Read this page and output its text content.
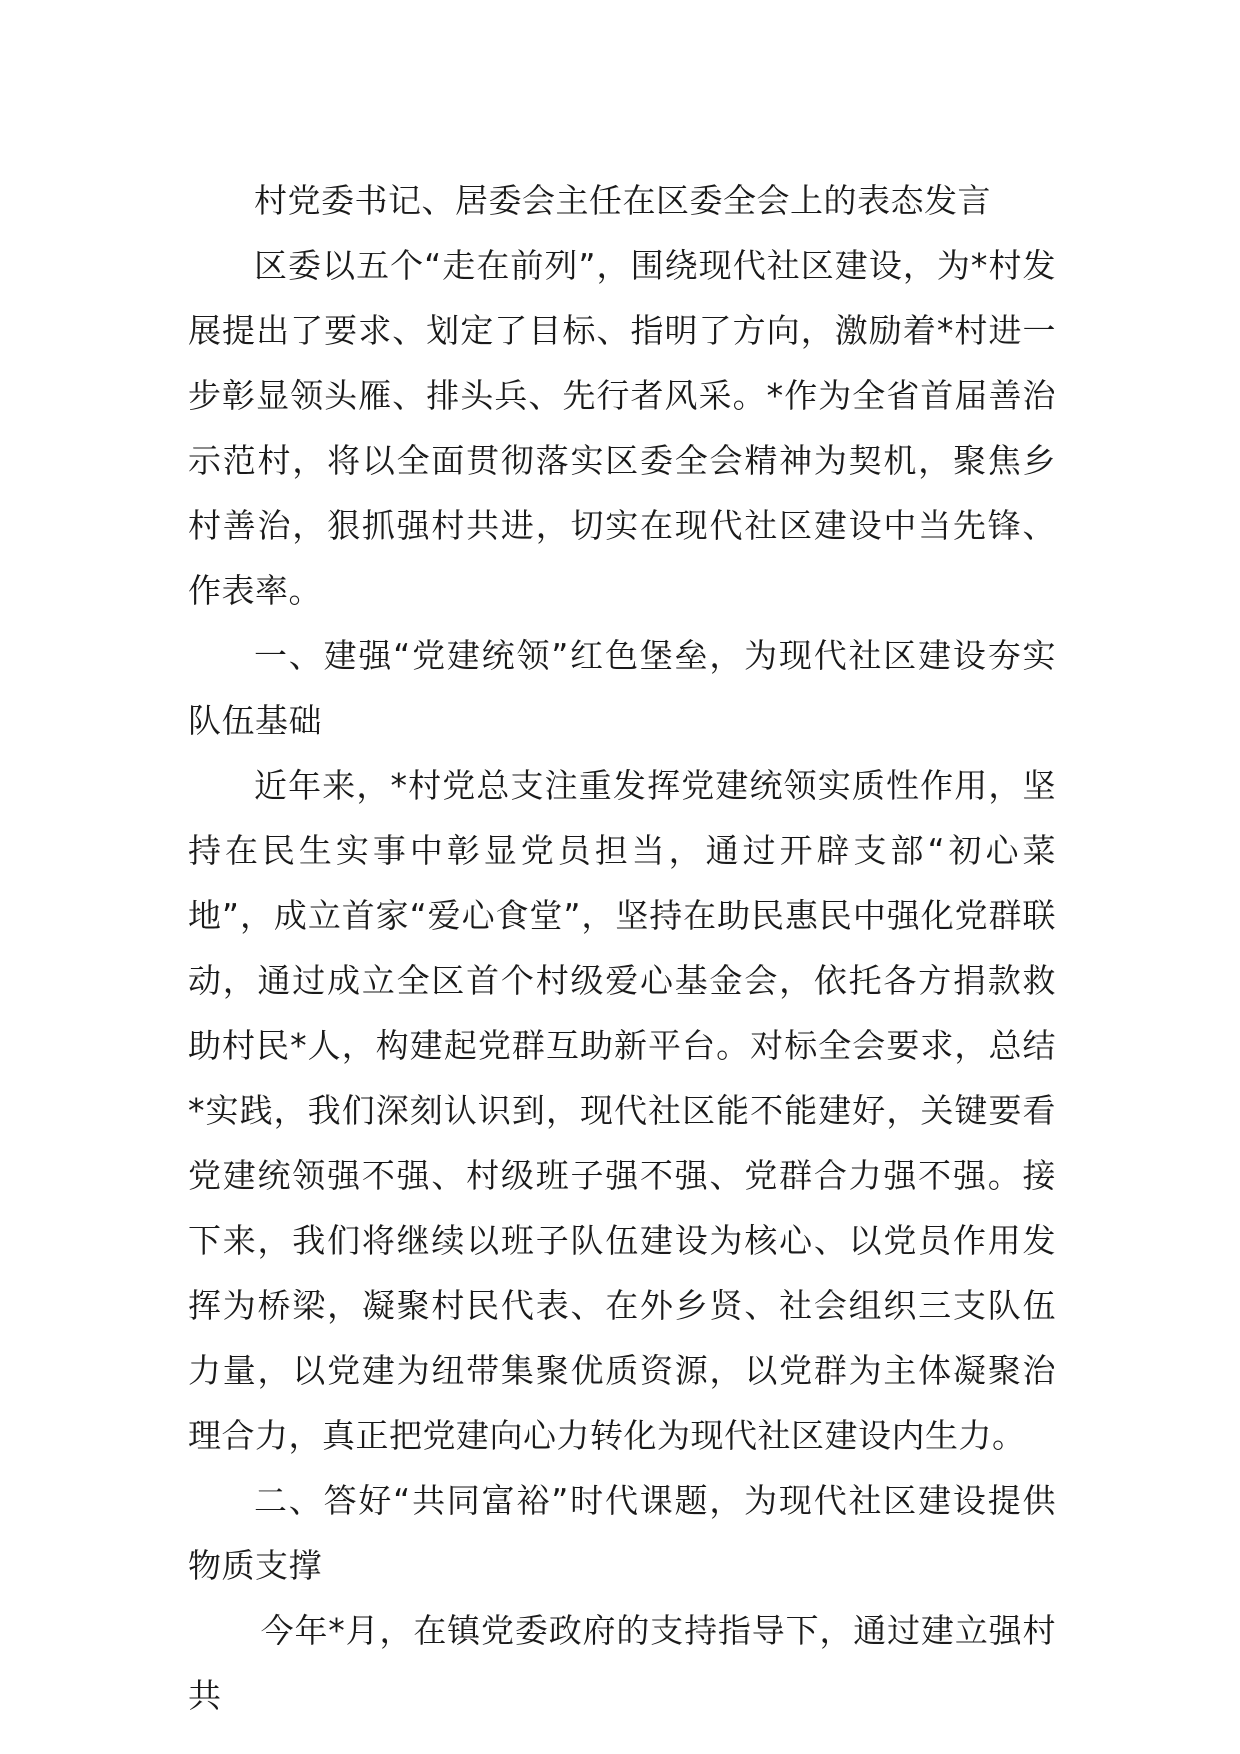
村党委书记、居委会主任在区委全会上的表态发言

区委以五个“走在前列”，围绕现代社区建设，为*村发展提出了要求、划定了目标、指明了方向，激励着*村进一步彰显领头雁、排头兵、先行者风采。*作为全省首届善治示范村，将以全面贯彻落实区委全会精神为契机，聚焦乡村善治，狠抓强村共进，切实在现代社区建设中当先锋、作表率。

一、建强“党建统领”红色堡垒，为现代社区建设夯实队伍基础

近年来，*村党总支注重发挥党建统领实质性作用，坚持在民生实事中彰显党员担当，通过开辟支部“初心菜地”，成立首家“爱心食堂”，坚持在助民惠民中强化党群联动，通过成立全区首个村级爱心基金会，依托各方捐款救助村民*人，构建起党群互助新平台。对标全会要求，总结*实践，我们深刻认识到，现代社区能不能建好，关键要看党建统领强不强、村级班子强不强、党群合力强不强。接下来，我们将继续以班子队伍建设为核心、以党员作用发挥为桥梁，凝聚村民代表、在外乡贤、社会组织三支队伍力量，以党建为纽带集聚优质资源，以党群为主体凝聚治理合力，真正把党建向心力转化为现代社区建设内生力。

二、答好“共同富裕”时代课题，为现代社区建设提供物质支撑

今年*月，在镇党委政府的支持指导下，通过建立强村共
